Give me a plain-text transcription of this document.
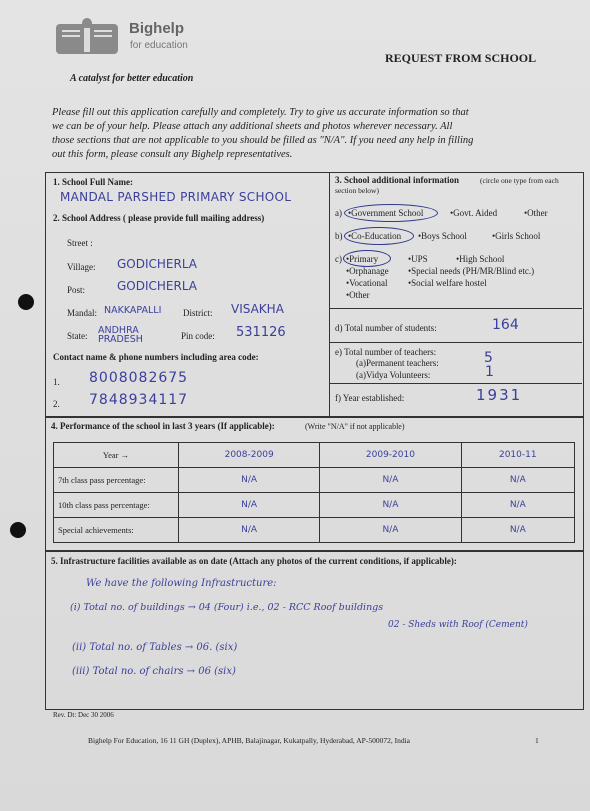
Bighelp
for education
A catalyst for better education
REQUEST FROM SCHOOL
Please fill out this application carefully and completely. Try to give us accurate information so that
we can be of your help. Please attach any additional sheets and photos wherever necessary. All
those sections that are not applicable to you should be filled as "N/A". If you need any help in filling
out this form, please consult any Bighelp representatives.
1. School Full Name:
MANDAL PARSHED PRIMARY SCHOOL
2. School Address ( please provide full mailing address)
Street :
Village: GODICHERLA
Post:	GODICHERLA
Mandal: NAKKAPALLI District: VISAKHA
State: ANDHRA PRADESH	Pin code: 531126
Contact name & phone numbers including area code:
1. 8008082675
2. 7848934117
3. School additional information	(circle one type from each section below)
a) •Government School	•Govt. Aided	•Other
b) •Co-Education •Boys School	•Girls School
c) •Primary
•Orphanage
•Vocational
•Other
•UPS
•Special needs (PH/MR/Blind etc.)
•Social welfare hostel
•High School
d) Total number of students:	164
e) Total number of teachers:
(a)Permanent teachers:	5
(a)Vidya Volunteers:	1
f) Year established:	1931
4. Performance of the school in last 3 years (If applicable):	(Write "N/A" if not applicable)
Year →	2008-2009	2009-2010	2010-11
7th class pass percentage:	N/A	N/A	N/A
10th class pass percentage:	N/A	N/A	N/A
Special achievements:	N/A	N/A	N/A
5. Infrastructure facilities available as on date (Attach any photos of the current conditions, if applicable):
We have the following Infrastructure:
(i) Total no. of buildings → 04 (Four) i.e., 02 - RCC Roof buildings
02 - Sheds with Roof (Cement)
(ii) Total no. of Tables → 06. (six)
(iii) Total no. of chairs → 06 (six)
Rev. Dt: Dec 30 2006
Bighelp For Education, 16 11 GH (Duplex), APHB, Balajinagar, Kukatpally, Hyderabad, AP-500072, India	1
